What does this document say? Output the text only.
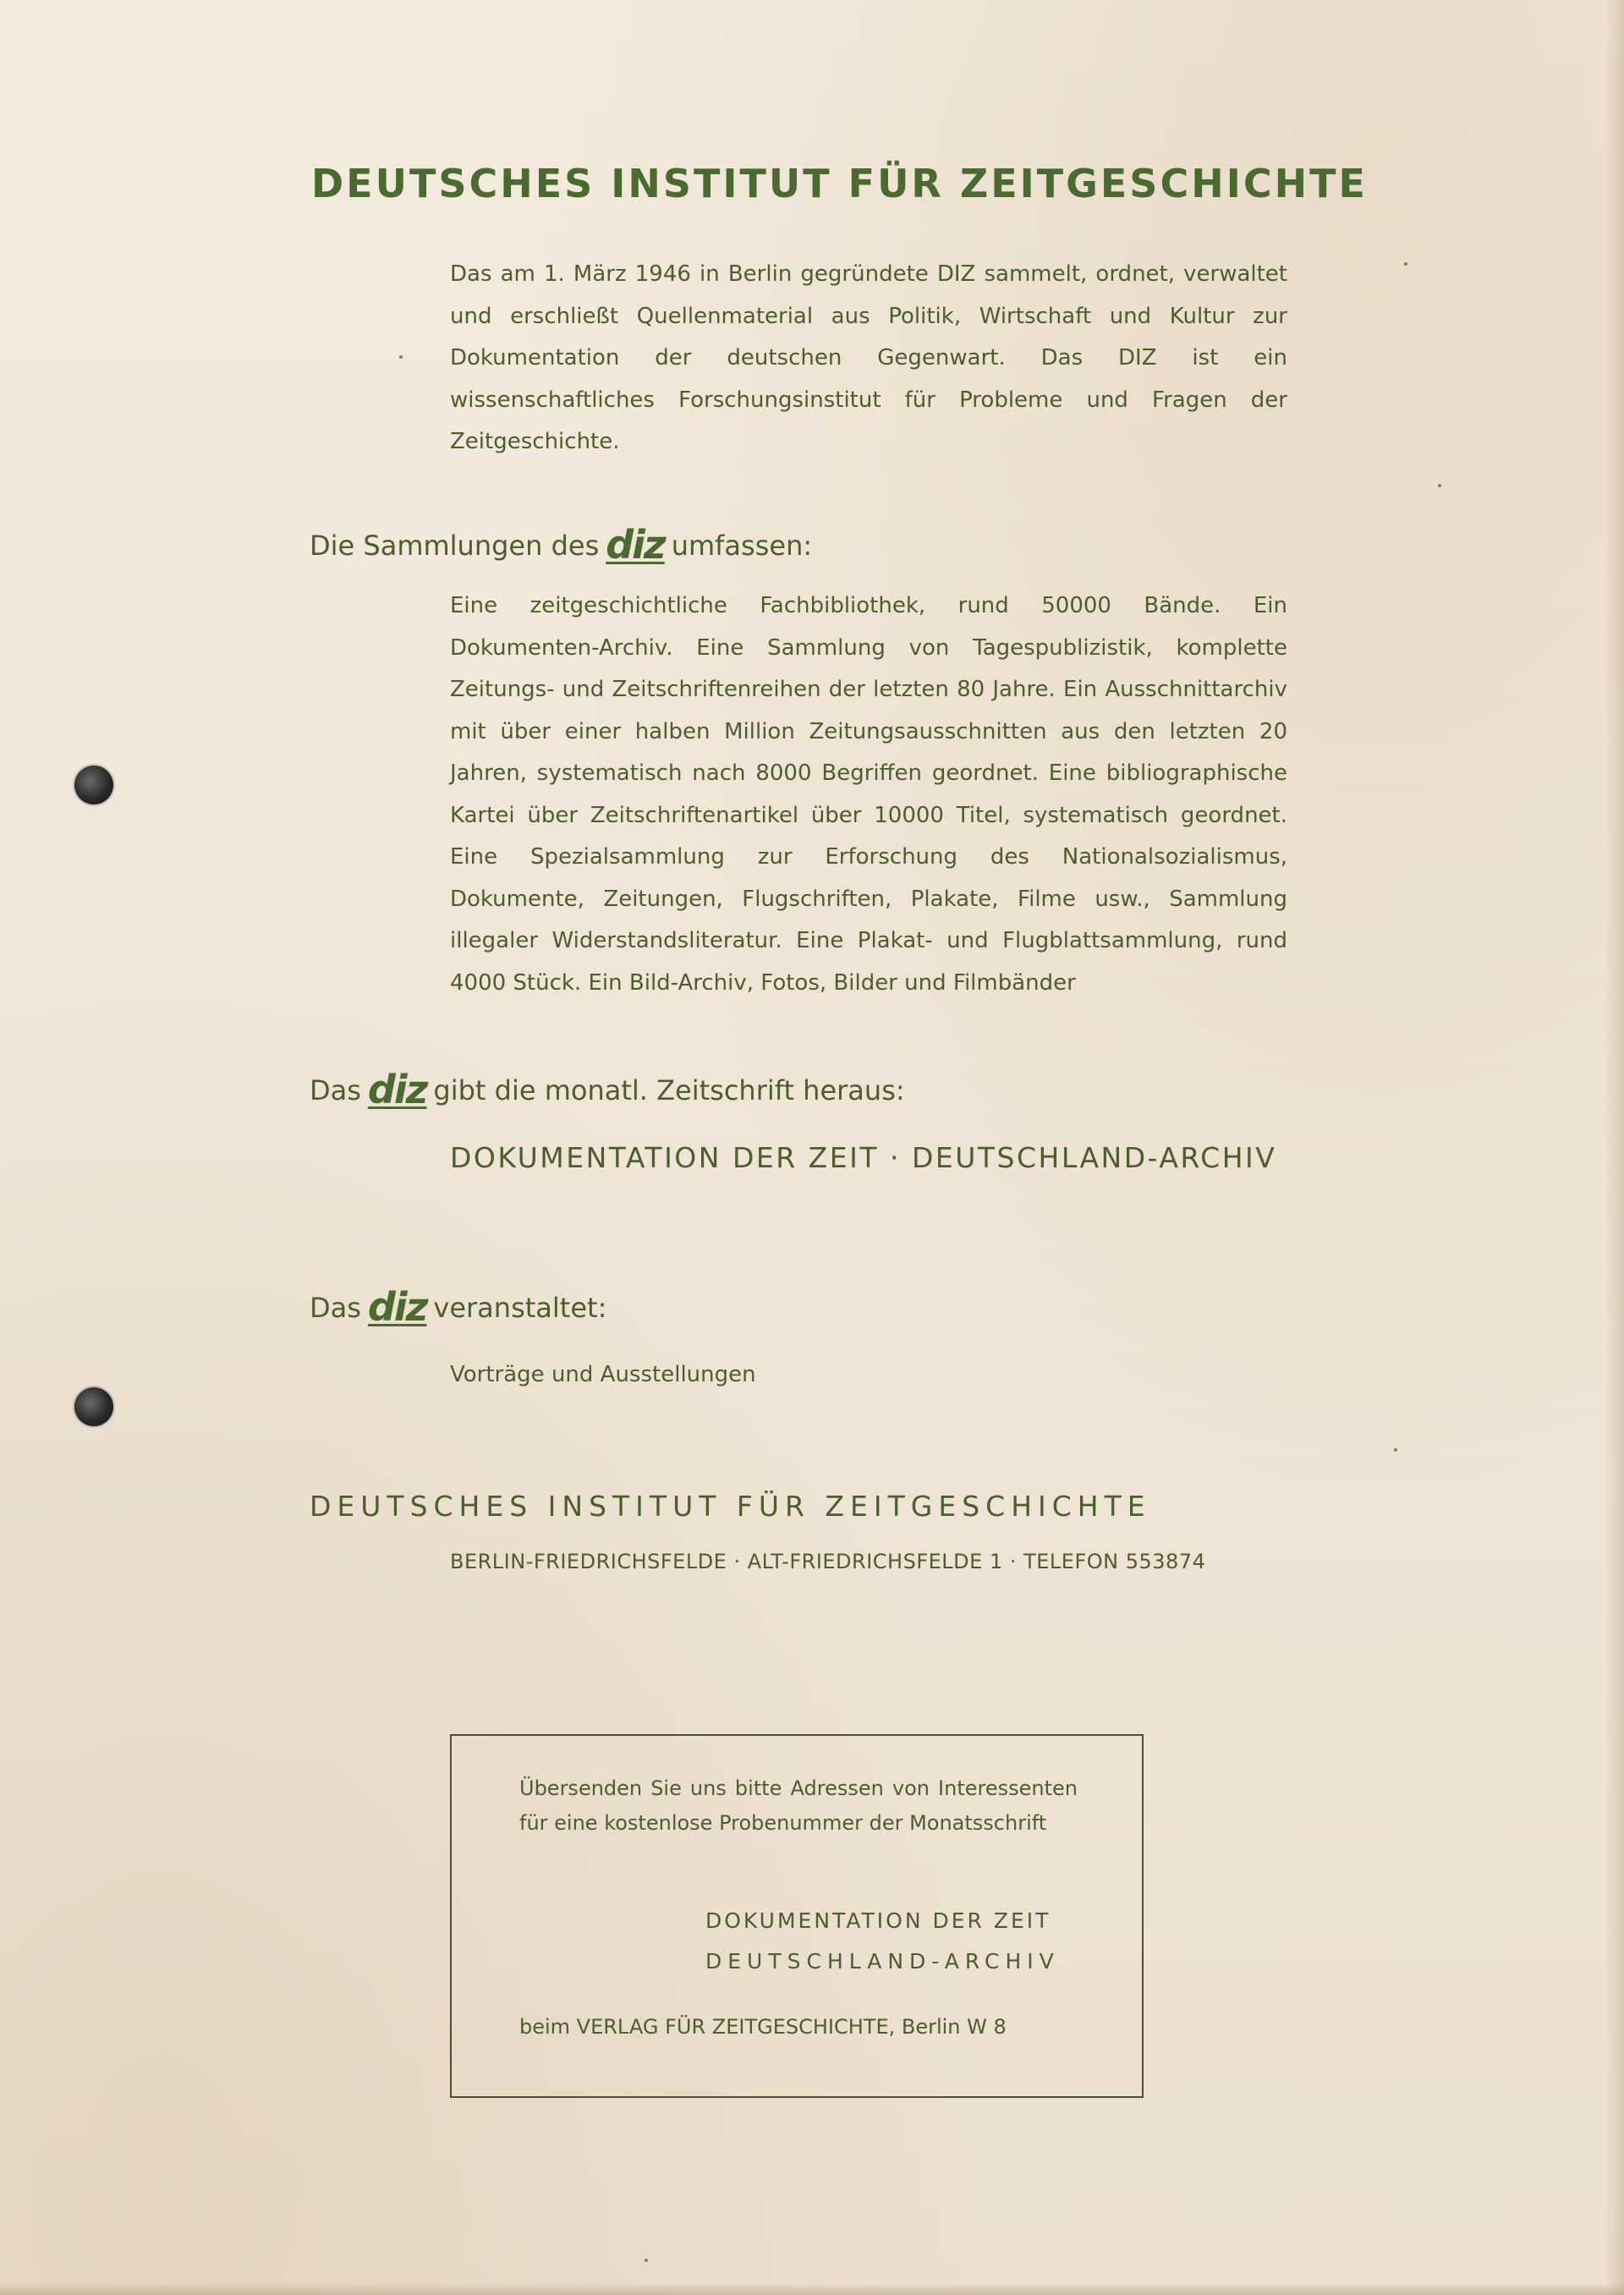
DEUTSCHES INSTITUT FÜR ZEITGESCHICHTE

Das am 1. März 1946 in Berlin gegründete DIZ sammelt, ordnet, verwaltet und erschließt Quellenmaterial aus Politik, Wirtschaft und Kultur zur Dokumentation der deutschen Gegenwart. Das DIZ ist ein wissenschaftliches Forschungsinstitut für Probleme und Fragen der Zeitgeschichte.

Die Sammlungen des diz umfassen:

Eine zeitgeschichtliche Fachbibliothek, rund 50000 Bände. Ein Dokumenten-Archiv. Eine Sammlung von Tagespublizistik, komplette Zeitungs- und Zeitschriftenreihen der letzten 80 Jahre. Ein Ausschnittarchiv mit über einer halben Million Zeitungsausschnitten aus den letzten 20 Jahren, systematisch nach 8000 Begriffen geordnet. Eine bibliographische Kartei über Zeitschriftenartikel über 10000 Titel, systematisch geordnet. Eine Spezialsammlung zur Erforschung des Nationalsozialismus, Dokumente, Zeitungen, Flugschriften, Plakate, Filme usw., Sammlung illegaler Widerstandsliteratur. Eine Plakat- und Flugblattsammlung, rund 4000 Stück. Ein Bild-Archiv, Fotos, Bilder und Filmbänder

Das diz gibt die monatl. Zeitschrift heraus:

DOKUMENTATION DER ZEIT · DEUTSCHLAND-ARCHIV

Das diz veranstaltet:

Vorträge und Ausstellungen

DEUTSCHES INSTITUT FÜR ZEITGESCHICHTE

BERLIN-FRIEDRICHSFELDE · ALT-FRIEDRICHSFELDE 1 · TELEFON 553874

Übersenden Sie uns bitte Adressen von Interessenten für eine kostenlose Probenummer der Monatsschrift

DOKUMENTATION DER ZEIT
DEUTSCHLAND-ARCHIV

beim VERLAG FÜR ZEITGESCHICHTE, Berlin W 8
